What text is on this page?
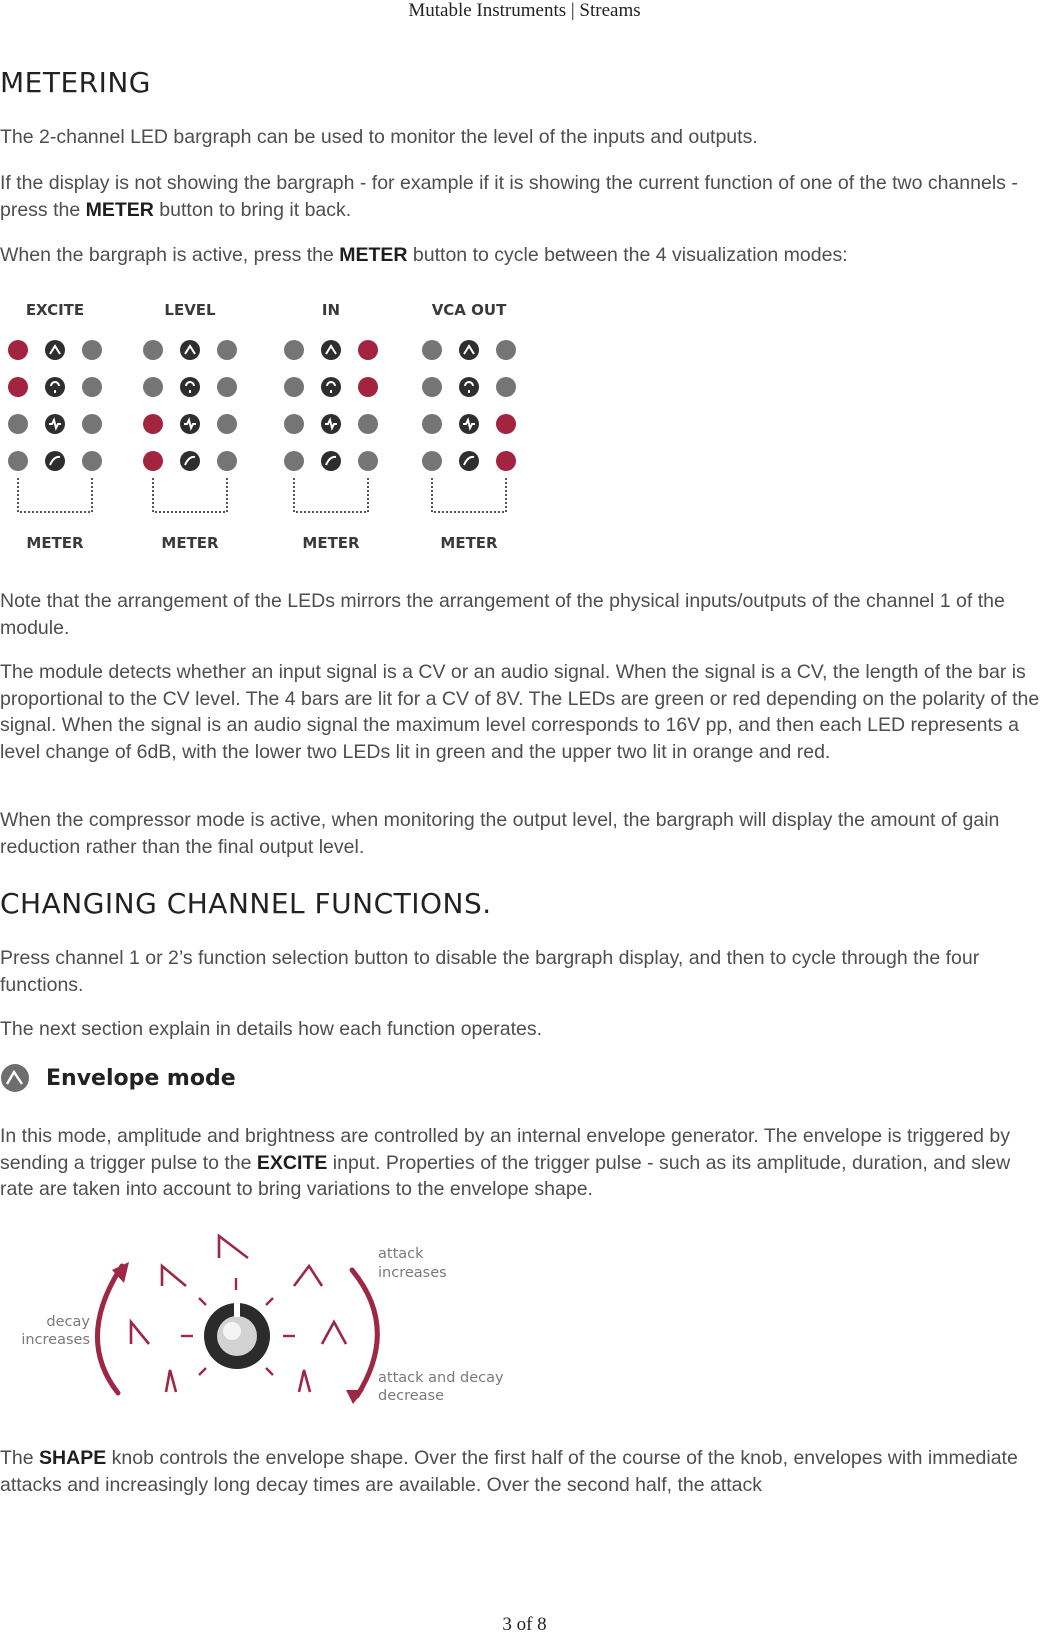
Mutable Instruments | Streams
METERING

The 2-channel LED bargraph can be used to monitor the level of the inputs and outputs.

If the display is not showing the bargraph - for example if it is showing the current function of one of the two channels - press the METER button to bring it back.

When the bargraph is active, press the METER button to cycle between the 4 visualization modes:

EXCITE
METER
LEVEL
METER
IN
METER
VCA OUT
METER

Note that the arrangement of the LEDs mirrors the arrangement of the physical inputs/outputs of the channel 1 of the module.

The module detects whether an input signal is a CV or an audio signal. When the signal is a CV, the length of the bar is proportional to the CV level. The 4 bars are lit for a CV of 8V. The LEDs are green or red depending on the polarity of the signal. When the signal is an audio signal the maximum level corresponds to 16V pp, and then each LED represents a level change of 6dB, with the lower two LEDs lit in green and the upper two lit in orange and red.

When the compressor mode is active, when monitoring the output level, the bargraph will display the amount of gain reduction rather than the final output level.

CHANGING CHANNEL FUNCTIONS.

Press channel 1 or 2’s function selection button to disable the bargraph display, and then to cycle through the four functions.

The next section explain in details how each function operates.

Envelope mode

In this mode, amplitude and brightness are controlled by an internal envelope generator. The envelope is triggered by sending a trigger pulse to the EXCITE input. Properties of the trigger pulse - such as its amplitude, duration, and slew rate are taken into account to bring variations to the envelope shape.

decay
increases
attack
increases
attack and decay
decrease

The SHAPE knob controls the envelope shape. Over the first half of the course of the knob, envelopes with immediate attacks and increasingly long decay times are available. Over the second half, the attack

3 of 8
